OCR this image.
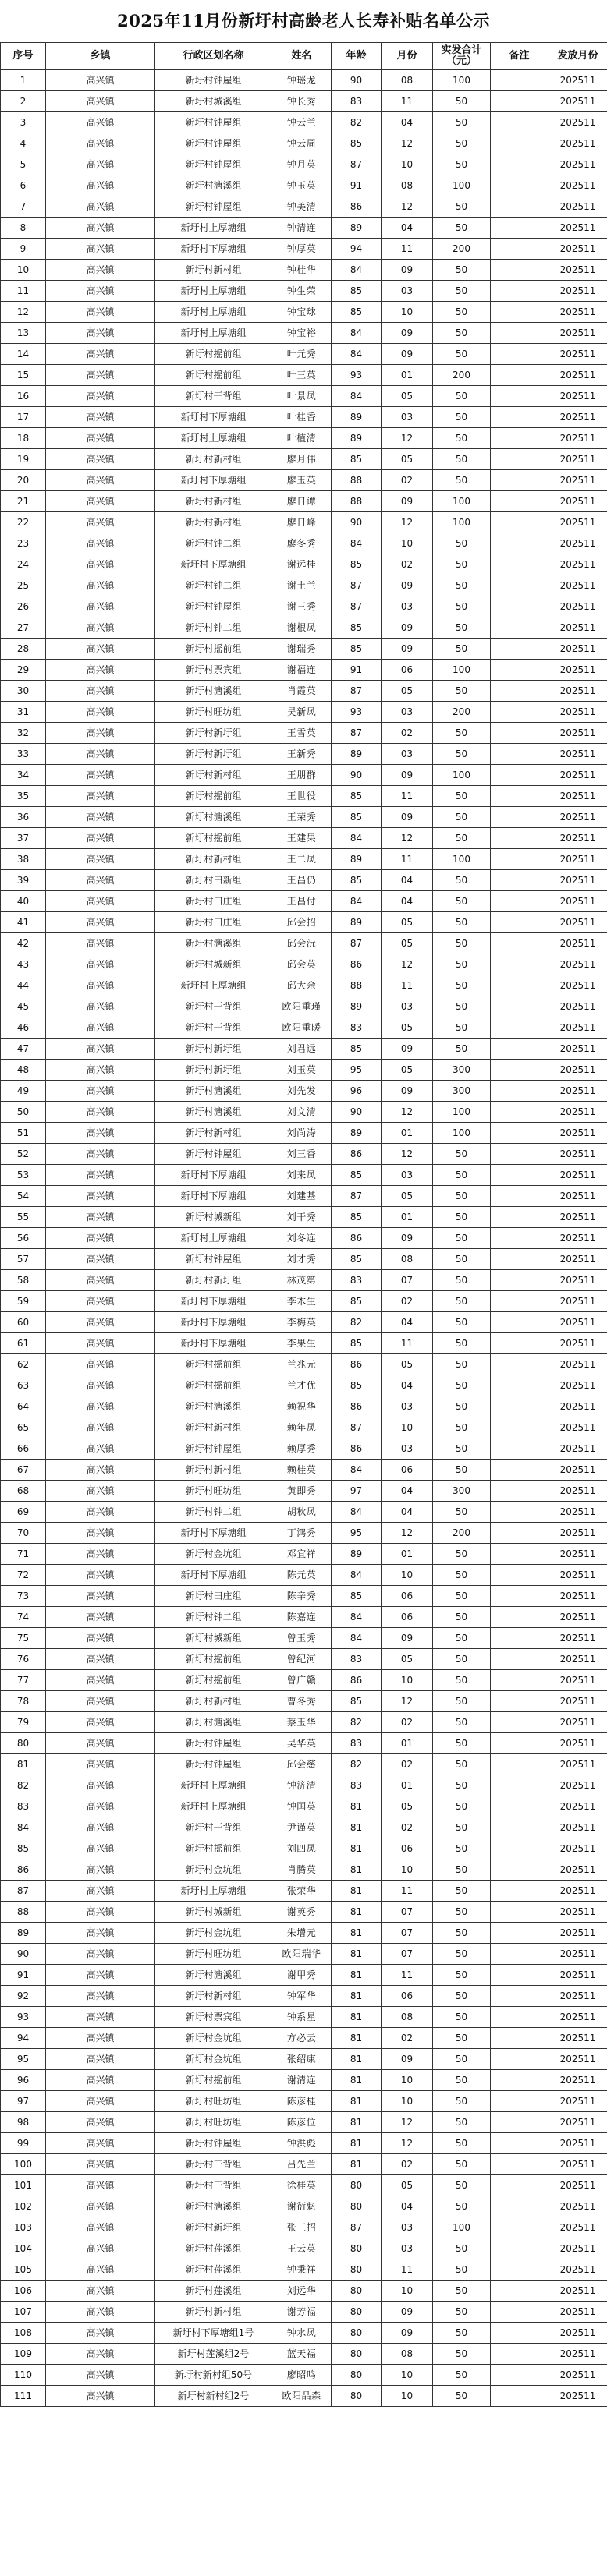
2025年11月份新圩村高龄老人长寿补贴名单公示
序号	乡镇	行政区划名称	姓名	年龄	月份	实发合计（元）	备注	发放月份
1	高兴镇	新圩村钟屋组	钟瑶龙	90	08	100		202511
2	高兴镇	新圩村城溪组	钟长秀	83	11	50		202511
3	高兴镇	新圩村钟屋组	钟云兰	82	04	50		202511
4	高兴镇	新圩村钟屋组	钟云周	85	12	50		202511
5	高兴镇	新圩村钟屋组	钟月英	87	10	50		202511
6	高兴镇	新圩村溏溪组	钟玉英	91	08	100		202511
7	高兴镇	新圩村钟屋组	钟美清	86	12	50		202511
8	高兴镇	新圩村上厚塘组	钟清连	89	04	50		202511
9	高兴镇	新圩村下厚塘组	钟厚英	94	11	200		202511
10	高兴镇	新圩村新村组	钟桂华	84	09	50		202511
11	高兴镇	新圩村上厚塘组	钟生荣	85	03	50		202511
12	高兴镇	新圩村上厚塘组	钟宝球	85	10	50		202511
13	高兴镇	新圩村上厚塘组	钟宝裕	84	09	50		202511
14	高兴镇	新圩村摇前组	叶元秀	84	09	50		202511
15	高兴镇	新圩村摇前组	叶三英	93	01	200		202511
16	高兴镇	新圩村干背组	叶景凤	84	05	50		202511
17	高兴镇	新圩村下厚塘组	叶桂香	89	03	50		202511
18	高兴镇	新圩村上厚塘组	叶植清	89	12	50		202511
19	高兴镇	新圩村新村组	廖月伟	85	05	50		202511
20	高兴镇	新圩村下厚塘组	廖玉英	88	02	50		202511
21	高兴镇	新圩村新村组	廖日谭	88	09	100		202511
22	高兴镇	新圩村新村组	廖日峰	90	12	100		202511
23	高兴镇	新圩村钟二组	廖冬秀	84	10	50		202511
24	高兴镇	新圩村下厚塘组	谢远桂	85	02	50		202511
25	高兴镇	新圩村钟二组	谢土兰	87	09	50		202511
26	高兴镇	新圩村钟屋组	谢三秀	87	03	50		202511
27	高兴镇	新圩村钟二组	谢根凤	85	09	50		202511
28	高兴镇	新圩村摇前组	谢瑞秀	85	09	50		202511
29	高兴镇	新圩村票宾组	谢福连	91	06	100		202511
30	高兴镇	新圩村溏溪组	肖霞英	87	05	50		202511
31	高兴镇	新圩村旺坊组	吴新凤	93	03	200		202511
32	高兴镇	新圩村新圩组	王雪英	87	02	50		202511
33	高兴镇	新圩村新圩组	王新秀	89	03	50		202511
34	高兴镇	新圩村新村组	王朋群	90	09	100		202511
35	高兴镇	新圩村摇前组	王世役	85	11	50		202511
36	高兴镇	新圩村溏溪组	王荣秀	85	09	50		202511
37	高兴镇	新圩村摇前组	王建果	84	12	50		202511
38	高兴镇	新圩村新村组	王二凤	89	11	100		202511
39	高兴镇	新圩村田新组	王昌仍	85	04	50		202511
40	高兴镇	新圩村田庄组	王昌付	84	04	50		202511
41	高兴镇	新圩村田庄组	邱会招	89	05	50		202511
42	高兴镇	新圩村溏溪组	邱会沅	87	05	50		202511
43	高兴镇	新圩村城新组	邱会英	86	12	50		202511
44	高兴镇	新圩村上厚塘组	邱大余	88	11	50		202511
45	高兴镇	新圩村干背组	欧阳重瑾	89	03	50		202511
46	高兴镇	新圩村干背组	欧阳重暖	83	05	50		202511
47	高兴镇	新圩村新圩组	刘君远	85	09	50		202511
48	高兴镇	新圩村新圩组	刘玉英	95	05	300		202511
49	高兴镇	新圩村溏溪组	刘先发	96	09	300		202511
50	高兴镇	新圩村溏溪组	刘文清	90	12	100		202511
51	高兴镇	新圩村新村组	刘尚涛	89	01	100		202511
52	高兴镇	新圩村钟屋组	刘三香	86	12	50		202511
53	高兴镇	新圩村下厚塘组	刘来凤	85	03	50		202511
54	高兴镇	新圩村下厚塘组	刘建基	87	05	50		202511
55	高兴镇	新圩村城新组	刘干秀	85	01	50		202511
56	高兴镇	新圩村上厚塘组	刘冬连	86	09	50		202511
57	高兴镇	新圩村钟屋组	刘才秀	85	08	50		202511
58	高兴镇	新圩村新圩组	林茂第	83	07	50		202511
59	高兴镇	新圩村下厚塘组	李木生	85	02	50		202511
60	高兴镇	新圩村下厚塘组	李梅英	82	04	50		202511
61	高兴镇	新圩村下厚塘组	李果生	85	11	50		202511
62	高兴镇	新圩村摇前组	兰兆元	86	05	50		202511
63	高兴镇	新圩村摇前组	兰才优	85	04	50		202511
64	高兴镇	新圩村溏溪组	赖祝华	86	03	50		202511
65	高兴镇	新圩村新村组	赖年凤	87	10	50		202511
66	高兴镇	新圩村钟屋组	赖厚秀	86	03	50		202511
67	高兴镇	新圩村新村组	赖桂英	84	06	50		202511
68	高兴镇	新圩村旺坊组	黄即秀	97	04	300		202511
69	高兴镇	新圩村钟二组	胡秋凤	84	04	50		202511
70	高兴镇	新圩村下厚塘组	丁鸿秀	95	12	200		202511
71	高兴镇	新圩村金坑组	邓宜祥	89	01	50		202511
72	高兴镇	新圩村下厚塘组	陈元英	84	10	50		202511
73	高兴镇	新圩村田庄组	陈辛秀	85	06	50		202511
74	高兴镇	新圩村钟二组	陈嘉连	84	06	50		202511
75	高兴镇	新圩村城新组	曾玉秀	84	09	50		202511
76	高兴镇	新圩村摇前组	曾纪河	83	05	50		202511
77	高兴镇	新圩村摇前组	曾广赣	86	10	50		202511
78	高兴镇	新圩村新村组	曹冬秀	85	12	50		202511
79	高兴镇	新圩村溏溪组	蔡玉华	82	02	50		202511
80	高兴镇	新圩村钟屋组	吴华英	83	01	50		202511
81	高兴镇	新圩村钟屋组	邱会慈	82	02	50		202511
82	高兴镇	新圩村上厚塘组	钟济清	83	01	50		202511
83	高兴镇	新圩村上厚塘组	钟国英	81	05	50		202511
84	高兴镇	新圩村干背组	尹谨英	81	02	50		202511
85	高兴镇	新圩村摇前组	刘四凤	81	06	50		202511
86	高兴镇	新圩村金坑组	肖腾英	81	10	50		202511
87	高兴镇	新圩村上厚塘组	张荣华	81	11	50		202511
88	高兴镇	新圩村城新组	谢英秀	81	07	50		202511
89	高兴镇	新圩村金坑组	朱增元	81	07	50		202511
90	高兴镇	新圩村旺坊组	欧阳瑞华	81	07	50		202511
91	高兴镇	新圩村溏溪组	谢甲秀	81	11	50		202511
92	高兴镇	新圩村新村组	钟军华	81	06	50		202511
93	高兴镇	新圩村票宾组	钟系星	81	08	50		202511
94	高兴镇	新圩村金坑组	方必云	81	02	50		202511
95	高兴镇	新圩村金坑组	张绍康	81	09	50		202511
96	高兴镇	新圩村摇前组	谢清连	81	10	50		202511
97	高兴镇	新圩村旺坊组	陈彦桂	81	10	50		202511
98	高兴镇	新圩村旺坊组	陈彦位	81	12	50		202511
99	高兴镇	新圩村钟屋组	钟洪彪	81	12	50		202511
100	高兴镇	新圩村干背组	吕先兰	81	02	50		202511
101	高兴镇	新圩村干背组	徐桂英	80	05	50		202511
102	高兴镇	新圩村溏溪组	谢衍魁	80	04	50		202511
103	高兴镇	新圩村新圩组	张三招	87	03	100		202511
104	高兴镇	新圩村莲溪组	王云英	80	03	50		202511
105	高兴镇	新圩村莲溪组	钟秉祥	80	11	50		202511
106	高兴镇	新圩村莲溪组	刘远华	80	10	50		202511
107	高兴镇	新圩村新村组	谢芳福	80	09	50		202511
108	高兴镇	新圩村下厚塘组1号	钟水凤	80	09	50		202511
109	高兴镇	新圩村莲溪组2号	蓝天福	80	08	50		202511
110	高兴镇	新圩村新村组50号	廖昭鸣	80	10	50		202511
111	高兴镇	新圩村新村组2号	欧阳品森	80	10	50		202511
